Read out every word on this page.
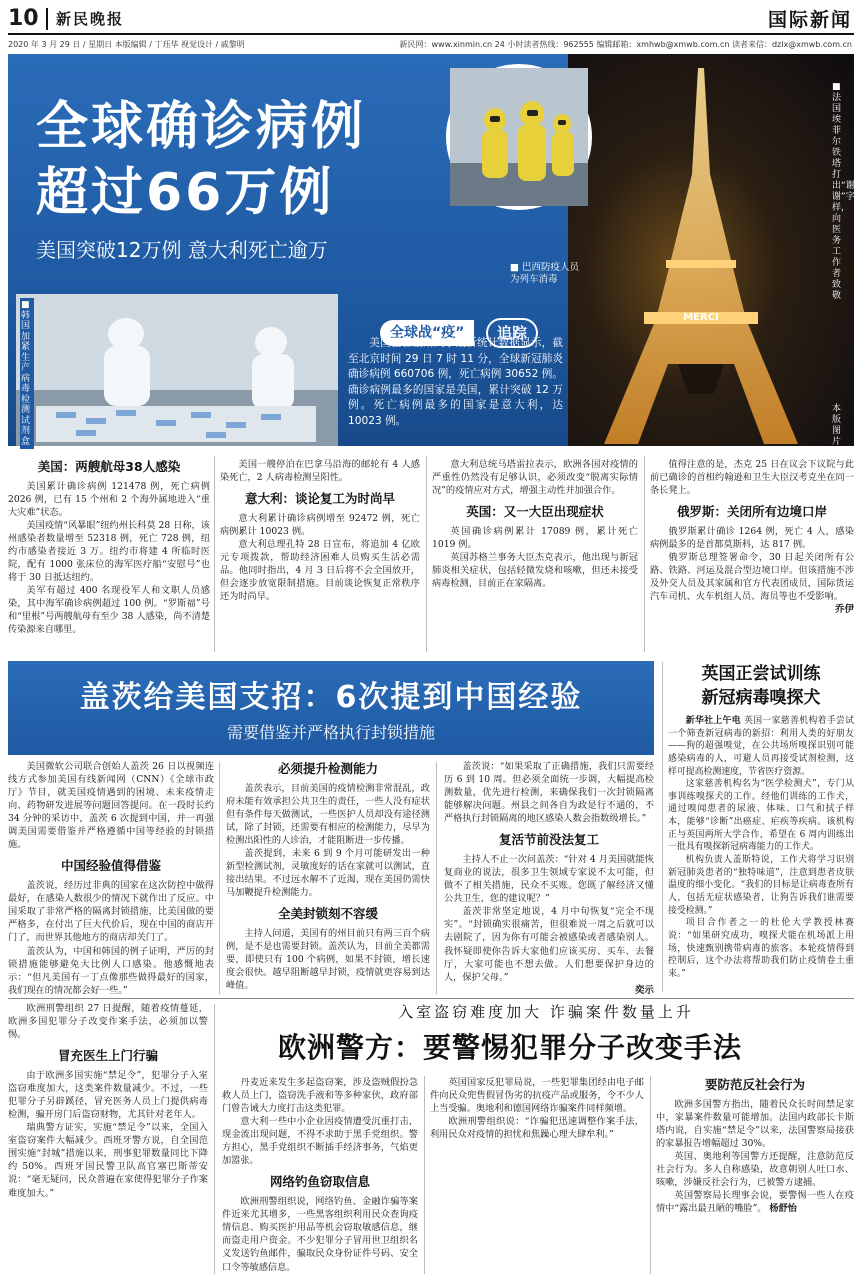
10 新民晚报	国际新闻
2020 年 3 月 29 日 / 星期日 本版编辑 / 丁珏华 视觉设计 / 戚黎明	新民网：www.xinmin.cn 24 小时读者热线：962555 编辑邮箱：xmhwb@xmwb.com.cn 读者来信：dzlx@xmwb.com.cn
MERCI
全球确诊病例
超过66万例
美国突破12万例 意大利死亡逾万
■ 巴西防疫人员
为列车消毒
■ 韩国加紧生产病毒检测试剂盒
■ 法国埃菲尔铁塔打出“谢谢”字样，向医务工作者致敬
本版图片 GJ
全球战“疫”	追踪
美国霍普金斯大学最新统计数据显示，截至北京时间 29 日 7 时 11 分，全球新冠肺炎确诊病例 660706 例，死亡病例 30652 例。确诊病例最多的国家是美国，累计突破 12 万例。死亡病例最多的国家是意大利，达 10023 例。
美国：两艘航母38人感染

美国累计确诊病例 121478 例，死亡病例 2026 例，已有 15 个州和 2 个海外属地进入“重大灾难”状态。

美国疫情“风暴眼”纽约州长科莫 28 日称，该州感染者数量增至 52318 例，死亡 728 例，纽约市感染者接近 3 万。纽约市将建 4 所临时医院，配有 1000 张床位的海军医疗船“安慰号”也将于 30 日抵达纽约。

美军有超过 400 名现役军人和文职人员感染，其中海军确诊病例超过 100 例。“罗斯福”号和“里根”号两艘航母有至少 38 人感染，尚不清楚传染源来自哪里。

美国一艘停泊在巴拿马沿海的邮轮有 4 人感染死亡，2 人病毒检测呈阳性。

意大利：谈论复工为时尚早

意大利累计确诊病例增至 92472 例，死亡病例累计 10023 例。

意大利总理孔特 28 日宣布，将追加 4 亿欧元专项拨款，帮助经济困难人员购买生活必需品。他同时指出，4 月 3 日后将不会全国放开，但会逐步放宽限制措施。目前谈论恢复正常秩序还为时尚早。

意大利总统马塔雷拉表示，欧洲各国对疫情的严重性仍然没有足够认识，必须改变“脱离实际情况”的疫情应对方式，增强主动性并加强合作。

英国：又一大臣出现症状

英国确诊病例累计 17089 例，累计死亡 1019 例。

英国苏格兰事务大臣杰克表示，他出现与新冠肺炎相关症状，包括轻微发烧和咳嗽，但还未接受病毒检测，目前正在家隔离。

值得注意的是，杰克 25 日在议会下议院与此前已确诊的首相约翰逊和卫生大臣汉考克坐在同一条长凳上。

俄罗斯：关闭所有边境口岸

俄罗斯累计确诊 1264 例，死亡 4 人，感染病例最多的是首都莫斯科，达 817 例。

俄罗斯总理签署命令，30 日起关闭所有公路、铁路、河运及混合型边境口岸。但该措施不涉及外交人员及其家属和官方代表团成员，国际货运汽车司机、火车机组人员、海员等也不受影响。

乔伊
盖茨给美国支招：6次提到中国经验
需要借鉴并严格执行封锁措施

美国微软公司联合创始人盖茨 26 日以视频连线方式参加美国有线新闻网（CNN）《全球市政厅》节目，就美国疫情遇到的困境、未来疫情走向、药物研发进展等问题回答提问。在一段时长约 34 分钟的采访中，盖茨 6 次提到中国，并一再强调美国需要借鉴并严格遵循中国等经验的封锁措施。

中国经验值得借鉴

盖茨说，经历过非典的国家在这次防控中做得最好，在感染人数很少的情况下就作出了反应。中国采取了非常严格的隔离封锁措施，比美国做的要严格多，在付出了巨大代价后，现在中国的商店开门了，而世界其他地方的商店却关门了。

盖茨认为，中国和韩国的例子证明，严厉的封锁措施能够避免大比例人口感染。他感慨地表示：“但凡美国有一丁点像那些做得最好的国家，我们现在的情况都会好一些。”

必须提升检测能力

盖茨表示，目前美国的疫情检测非常混乱，政府未能有效承担公共卫生的责任，一些人没有症状但有条件每天做测试，一些医护人员却没有途径测试，除了封锁，还需要有相应的检测能力，尽早为检测出阳性的人诊治，才能阻断进一步传播。

盖茨提到，未来 6 到 9 个月可能研发出一种新型检测试剂，灵敏度好的话在家就可以测试，直接出结果。不过远水解不了近渴，现在美国仍需快马加鞭提升检测能力。

全美封锁刻不容缓

主持人问道，美国有的州目前只有两三百个病例，是不是也需要封锁。盖茨认为，目前全美都需要，即使只有 100 个病例，如果不封锁，增长速度会很快。越早阻断越早封锁，疫情就更容易到达峰值。

盖茨说：“如果采取了正确措施，我们只需要经历 6 到 10 周。但必须全面统一步调，大幅提高检测数量，优先进行检测，来确保我们一次封锁隔离能够解决问题。州县之间各自为政是行不通的，不严格执行封锁隔离的地区感染人数会指数级增长。”

复活节前没法复工

主持人不止一次问盖茨：“针对 4 月美国就能恢复商业的说法，很多卫生领域专家说不太可能，但做不了相关措施，民众不买账。您既了解经济又懂公共卫生，您的建议呢？”

盖茨非常坚定地说，4 月中旬恢复“完全不现实”。“封锁确实很痛苦，但很难说一周之后就可以去剧院了，因为你有可能会被感染或者感染别人。我怀疑即使你告诉大家他们应该买房、买车、去餐厅，大家可能也不想去做。人们想要保护身边的人，保护父母。”

奕示
英国正尝试训练
新冠病毒嗅探犬

新华社上午电 英国一家慈善机构着手尝试一个筛查新冠病毒的新招：利用人类的好朋友——狗的超强嗅觉，在公共场所嗅探识别可能感染病毒的人，可避人员再接受试剂检测，这样可提高检测速度，节省医疗资源。

这家慈善机构名为“医学检测犬”，专门从事训练嗅探犬的工作。经他们训练的工作犬，通过嗅闻患者的尿液、体味、口气和拭子样本，能够“诊断”出癌症、疟疾等疾病。该机构正与英国两所大学合作，希望在 6 周内训练出一批具有嗅探新冠病毒能力的工作犬。

机构负责人盖斯特说，工作犬将学习识别新冠肺炎患者的“独特味道”，注意到患者皮肤温度的细小变化。“我们的目标是让病毒查所有人，包括无症状感染者，让狗告诉我们谁需要接受检测。”

项目合作者之一的杜伦大学教授林赛说：“如果研究成功，嗅探犬能在机场派上用场，快速甄别携带病毒的旅客。本轮疫情得到控制后，这个办法将帮助我们防止疫情卷土重来。”

欧洲刑警组织 27 日提醒，随着疫情蔓延，欧洲多国犯罪分子改变作案手法，必须加以警惕。

冒充医生上门行骗

由于欧洲多国实施“禁足令”，犯罪分子入室盗窃难度加大，这类案件数量减少。不过，一些犯罪分子另辟蹊径，冒充医务人员上门提供病毒检测，骗开房门后盗窃财物，尤其针对老年人。

瑞典警方证实，实施“禁足令”以来，全国入室盗窃案件大幅减少。西班牙警方说，自全国范围实施“封城”措施以来，刑事犯罪数量同比下降约 50%。西班牙国民警卫队高官塞巴斯蒂安说：“毫无疑问，民众普遍在家使得犯罪分子作案难度加大。”

入室盗窃难度加大 诈骗案件数量上升
欧洲警方：要警惕犯罪分子改变手法

丹麦近来发生多起盗窃案，涉及盗贼假扮急救人员上门，盗窃洗手液和等多种家伙，政府部门曾告诫大力度打击这类犯罪。

意大利一些中小企业因疫情遭受沉重打击，现金流出现问题，不得不求助于黑手党组织。警方担心，黑手党组织不断插手经济事务，气焰更加嚣张。

网络钓鱼窃取信息

欧洲刑警组织说，网络钓鱼、金融诈骗等案件近来尤其增多，一些黑客组织利用民众查询疫情信息、购买医护用品等机会窃取敏感信息，继而盗走用户资金。不少犯罪分子冒用世卫组织名义发送钓鱼邮件，骗取民众身份证件号码、安全口令等敏感信息。

英国国家反犯罪局说，一些犯罪集团经由电子邮件向民众兜售假冒伪劣的抗疫产品或服务，令不少人上当受骗。奥地利和德国网络诈骗案件同样频增。

欧洲刑警组织说：“诈骗犯迅速调整作案手法，利用民众对疫情的担忧和焦躁心理大肆牟利。”

要防范反社会行为

欧洲多国警方指出，随着民众长时间禁足家中，家暴案件数量可能增加。法国内政部长卡斯塔内说，自实施“禁足令”以来，法国警察局接获的家暴报告增幅超过 30%。

英国、奥地利等国警方还提醒，注意防范反社会行为。多人自称感染，故意朝别人吐口水、咳嗽，涉嫌反社会行为，已被警方逮捕。

英国警察局长理事会说，要警惕一些人在疫情中“露出最丑陋的嘴脸”。 杨舒怡
